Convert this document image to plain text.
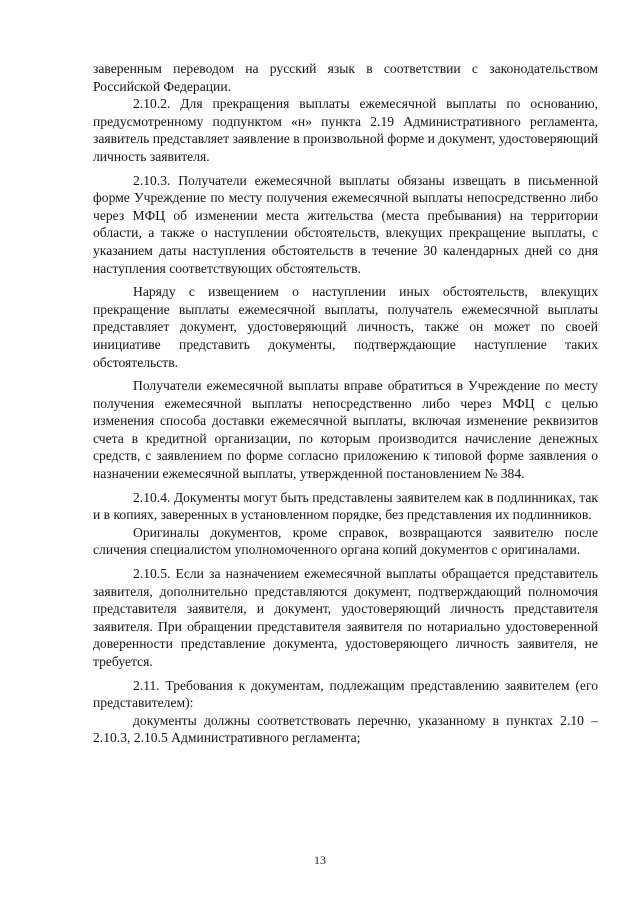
заверенным переводом на русский язык в соответствии с законодательством Российской Федерации.

2.10.2. Для прекращения выплаты ежемесячной выплаты по основанию, предусмотренному подпунктом «н» пункта 2.19 Административного регламента, заявитель представляет заявление в произвольной форме и документ, удостоверяющий личность заявителя.

2.10.3. Получатели ежемесячной выплаты обязаны извещать в письменной форме Учреждение по месту получения ежемесячной выплаты непосредственно либо через МФЦ об изменении места жительства (места пребывания) на территории области, а также о наступлении обстоятельств, влекущих прекращение выплаты, с указанием даты наступления обстоятельств в течение 30 календарных дней со дня наступления соответствующих обстоятельств.

Наряду с извещением о наступлении иных обстоятельств, влекущих прекращение выплаты ежемесячной выплаты, получатель ежемесячной выплаты представляет документ, удостоверяющий личность, также он может по своей инициативе представить документы, подтверждающие наступление таких обстоятельств.

Получатели ежемесячной выплаты вправе обратиться в Учреждение по месту получения ежемесячной выплаты непосредственно либо через МФЦ с целью изменения способа доставки ежемесячной выплаты, включая изменение реквизитов счета в кредитной организации, по которым производится начисление денежных средств, с заявлением по форме согласно приложению к типовой форме заявления о назначении ежемесячной выплаты, утвержденной постановлением № 384.

2.10.4. Документы могут быть представлены заявителем как в подлинниках, так и в копиях, заверенных в установленном порядке, без представления их подлинников.

Оригиналы документов, кроме справок, возвращаются заявителю после сличения специалистом уполномоченного органа копий документов с оригиналами.

2.10.5. Если за назначением ежемесячной выплаты обращается представитель заявителя, дополнительно представляются документ, подтверждающий полномочия представителя заявителя, и документ, удостоверяющий личность представителя заявителя. При обращении представителя заявителя по нотариально удостоверенной доверенности представление документа, удостоверяющего личность заявителя, не требуется.

2.11. Требования к документам, подлежащим представлению заявителем (его представителем):

документы должны соответствовать перечню, указанному в пунктах 2.10 – 2.10.3, 2.10.5 Административного регламента;

13
